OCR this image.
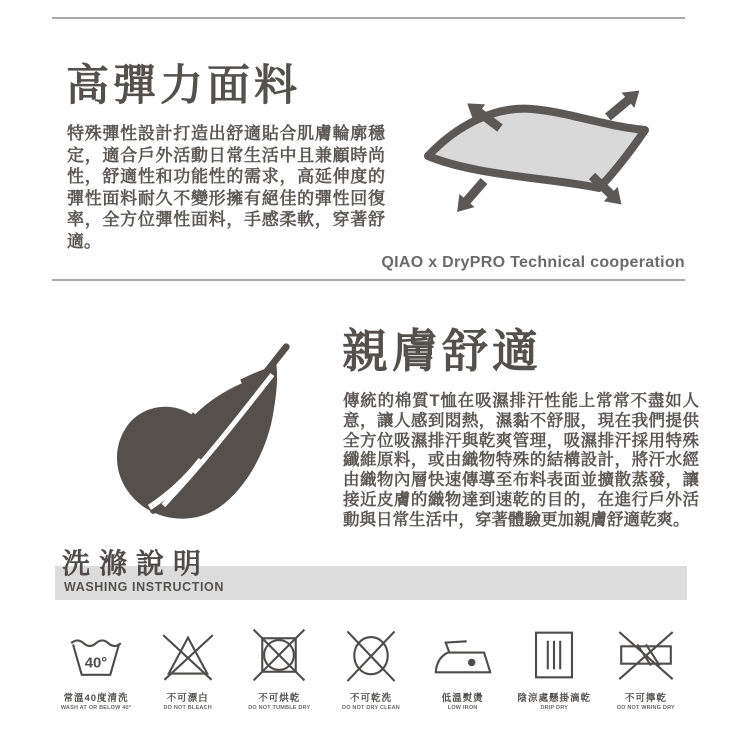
高彈力面料
特殊彈性設計打造出舒適貼合肌膚輪廓穩定，適合戶外活動日常生活中且兼顧時尚性，舒適性和功能性的需求，高延伸度的彈性面料耐久不變形擁有絕佳的彈性回復率，全方位彈性面料，手感柔軟，穿著舒適。
QIAO x DryPRO Technical cooperation
親膚舒適
傳統的棉質T恤在吸濕排汗性能上常常不盡如人意，讓人感到悶熱，濕黏不舒服，現在我們提供全方位吸濕排汗與乾爽管理，吸濕排汗採用特殊纖維原料，或由織物特殊的結構設計，將汗水經由織物內層快速傳導至布料表面並擴散蒸發，讓接近皮膚的織物達到速乾的目的，在進行戶外活動與日常生活中，穿著體驗更加親膚舒適乾爽。
洗滌說明
WASHING INSTRUCTION
40°
常溫40度清洗
WASH AT OR BELOW 40°
不可漂白
DO NOT BLEACH
不可烘乾
DO NOT TUMBLE DRY
不可乾洗
DO NOT DRY CLEAN
低溫熨燙
LOW IRON
陰涼處懸掛滴乾
DRIP DRY
不可擰乾
DO NOT WRING DRY
